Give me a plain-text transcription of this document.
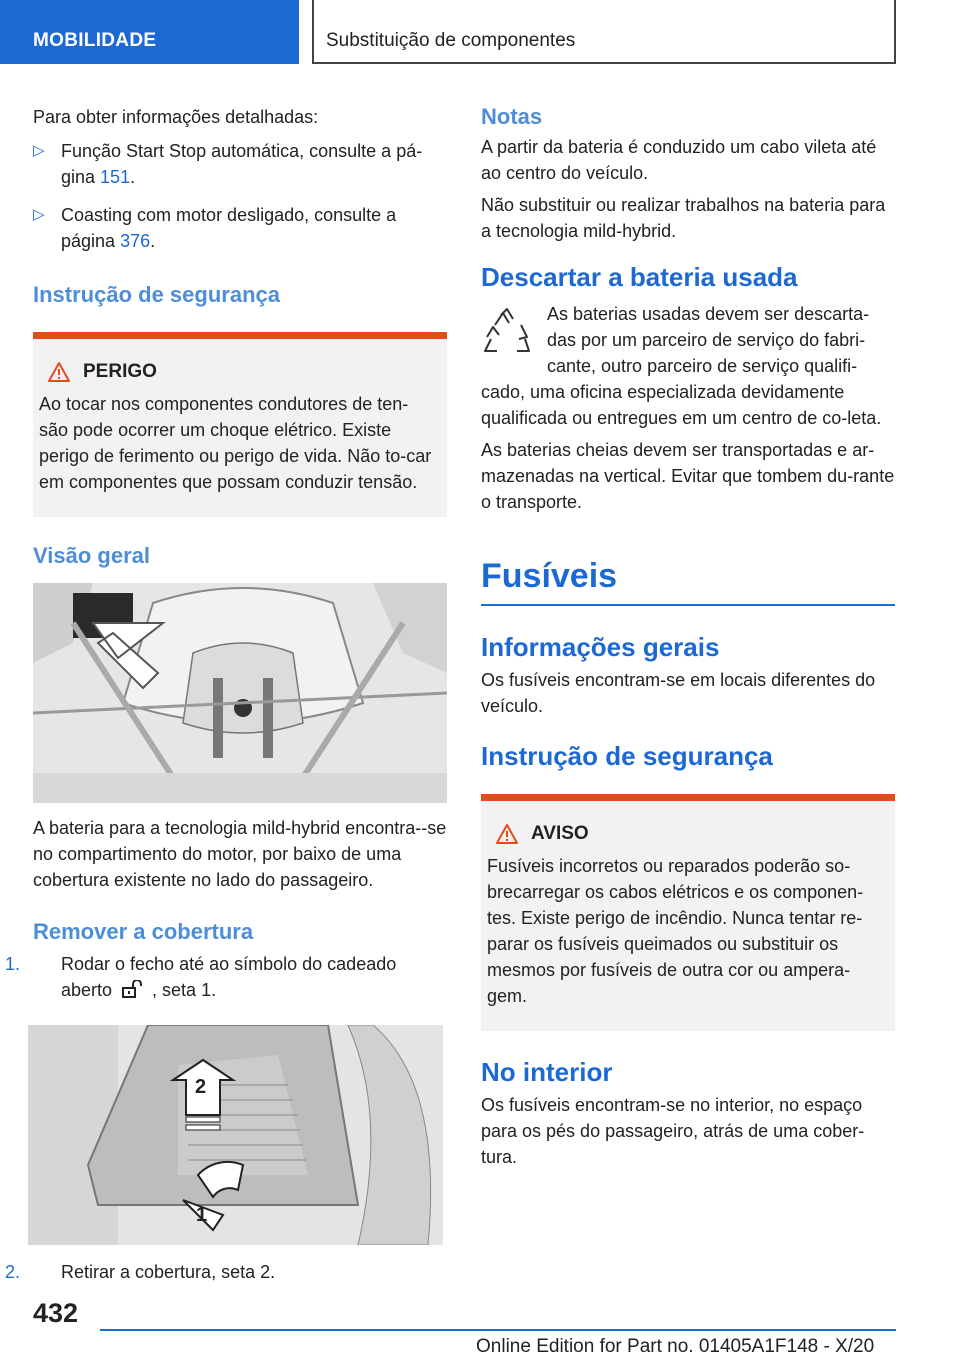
MOBILIDADE	Substituição de componentes

Para obter informações detalhadas:

▷ Função Start Stop automática, consulte a pá-gina 151.
▷ Coasting com motor desligado, consulte a página 376.
Instrução de segurança
PERIGO

Ao tocar nos componentes condutores de ten-são pode ocorrer um choque elétrico. Existe perigo de ferimento ou perigo de vida. Não to-car em componentes que possam conduzir tensão.

Visão geral

A bateria para a tecnologia mild-hybrid encontra--se no compartimento do motor, por baixo de uma cobertura existente no lado do passageiro.

Remover a cobertura
1. Rodar o fecho até ao símbolo do cadeado aberto  , seta 1.
2
1
2. Retirar a cobertura, seta 2.
Notas

A partir da bateria é conduzido um cabo vileta até ao centro do veículo.

Não substituir ou realizar trabalhos na bateria para a tecnologia mild-hybrid.

Descartar a bateria usada

As baterias usadas devem ser descarta-das por um parceiro de serviço do fabri-cante, outro parceiro de serviço qualifi-cado, uma oficina especializada devidamente qualificada ou entregues em um centro de co-leta.

As baterias cheias devem ser transportadas e ar-mazenadas na vertical. Evitar que tombem du-rante o transporte.

Fusíveis
Informações gerais

Os fusíveis encontram-se em locais diferentes do veículo.

Instrução de segurança
AVISO

Fusíveis incorretos ou reparados poderão so-brecarregar os cabos elétricos e os componen-tes. Existe perigo de incêndio. Nunca tentar re-parar os fusíveis queimados ou substituir os mesmos por fusíveis de outra cor ou ampera-gem.

No interior

Os fusíveis encontram-se no interior, no espaço para os pés do passageiro, atrás de uma cober-tura.

432
Online Edition for Part no. 01405A1F148 - X/20
